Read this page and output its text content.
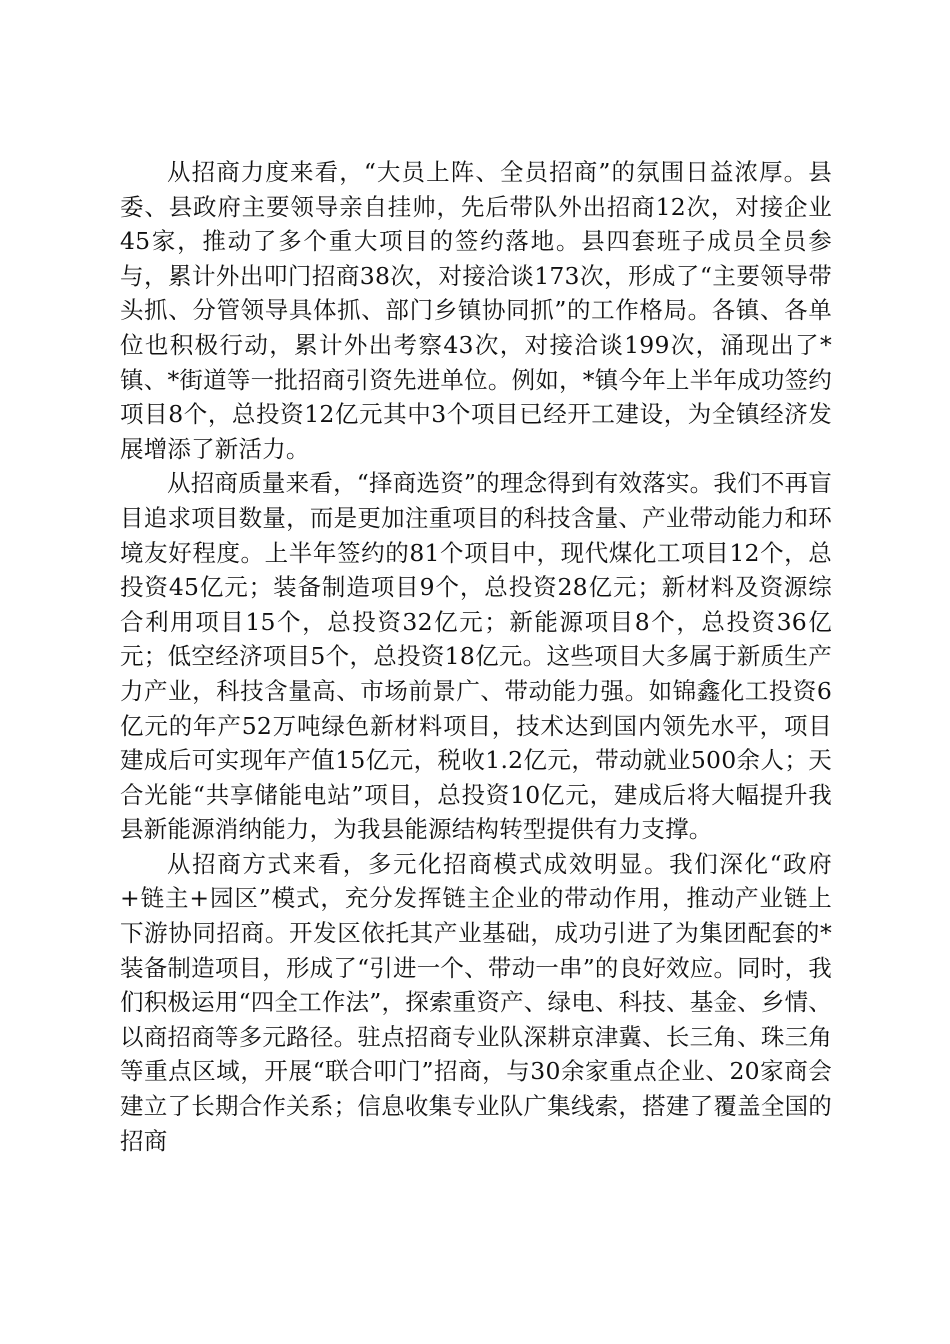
从招商力度来看，“大员上阵、全员招商”的氛围日益浓厚。县委、县政府主要领导亲自挂帅，先后带队外出招商12次，对接企业45家，推动了多个重大项目的签约落地。县四套班子成员全员参与，累计外出叩门招商38次，对接洽谈173次，形成了“主要领导带头抓、分管领导具体抓、部门乡镇协同抓”的工作格局。各镇、各单位也积极行动，累计外出考察43次，对接洽谈199次，涌现出了*镇、*街道等一批招商引资先进单位。例如，*镇今年上半年成功签约项目8个，总投资12亿元其中3个项目已经开工建设，为全镇经济发展增添了新活力。

从招商质量来看，“择商选资”的理念得到有效落实。我们不再盲目追求项目数量，而是更加注重项目的科技含量、产业带动能力和环境友好程度。上半年签约的81个项目中，现代煤化工项目12个，总投资45亿元；装备制造项目9个，总投资28亿元；新材料及资源综合利用项目15个，总投资32亿元；新能源项目8个，总投资36亿元；低空经济项目5个，总投资18亿元。这些项目大多属于新质生产力产业，科技含量高、市场前景广、带动能力强。如锦鑫化工投资6亿元的年产52万吨绿色新材料项目，技术达到国内领先水平，项目建成后可实现年产值15亿元，税收1.2亿元，带动就业500余人；天合光能“共享储能电站”项目，总投资10亿元，建成后将大幅提升我县新能源消纳能力，为我县能源结构转型提供有力支撑。

从招商方式来看，多元化招商模式成效明显。我们深化“政府+链主+园区”模式，充分发挥链主企业的带动作用，推动产业链上下游协同招商。开发区依托其产业基础，成功引进了为集团配套的*装备制造项目，形成了“引进一个、带动一串”的良好效应。同时，我们积极运用“四全工作法”，探索重资产、绿电、科技、基金、乡情、以商招商等多元路径。驻点招商专业队深耕京津冀、长三角、珠三角等重点区域，开展“联合叩门”招商，与30余家重点企业、20家商会建立了长期合作关系；信息收集专业队广集线索，搭建了覆盖全国的招商
